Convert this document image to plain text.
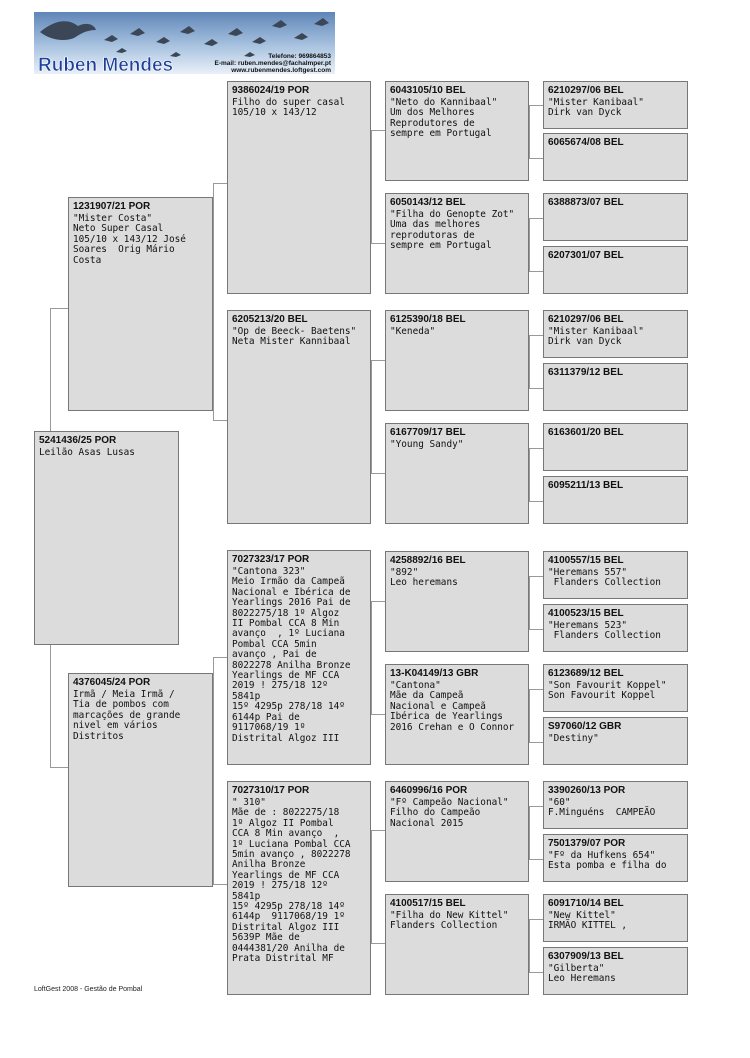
Ruben Mendes	Telefone: 969864853
E-mail: ruben.mendes@fachalmper.pt
www.rubenmendes.loftgest.com
5241436/25 POR
Leilão Asas Lusas
1231907/21 POR
"Mister Costa"
Neto Super Casal
105/10 x 143/12 José
Soares  Orig Mário
Costa
4376045/24 POR
Irmã / Meia Irmã /
Tia de pombos com
marcações de grande
nivel em vários
Distritos
9386024/19 POR
Filho do super casal
105/10 x 143/12
6205213/20 BEL
"Op de Beeck- Baetens"
Neta Mister Kannibaal
7027323/17 POR
"Cantona 323"
Meio Irmão da Campeã
Nacional e Ibérica de
Yearlings 2016 Pai de
8022275/18 1º Algoz
II Pombal CCA 8 Min
avanço  , 1º Luciana
Pombal CCA 5min
avanço , Pai de
8022278 Anilha Bronze
Yearlings de MF CCA
2019 ! 275/18 12º
5841p
15º 4295p 278/18 14º
6144p Pai de
9117068/19 1º
Distrital Algoz III
7027310/17 POR
" 310"
Mãe de : 8022275/18
1º Algoz II Pombal
CCA 8 Min avanço  ,
1º Luciana Pombal CCA
5min avanço , 8022278
Anilha Bronze
Yearlings de MF CCA
2019 ! 275/18 12º
5841p
15º 4295p 278/18 14º
6144p  9117068/19 1º
Distrital Algoz III
5639P Mãe de
0444381/20 Anilha de
Prata Distrital MF
6043105/10 BEL
"Neto do Kannibaal"
Um dos Melhores
Reprodutores de
sempre em Portugal
6050143/12 BEL
"Filha do Genopte Zot"
Uma das melhores
reprodutoras de
sempre em Portugal
6125390/18 BEL
"Keneda"
6167709/17 BEL
"Young Sandy"
4258892/16 BEL
"892"
Leo heremans
13-K04149/13 GBR
"Cantona"
Mãe da Campeã
Nacional e Campeã
Ibérica de Yearlings
2016 Crehan e O Connor
6460996/16 POR
"Fº Campeão Nacional"
Filho do Campeão
Nacional 2015
4100517/15 BEL
"Filha do New Kittel"
Flanders Collection
6210297/06 BEL
"Mister Kanibaal"
Dirk van Dyck
6065674/08 BEL
6388873/07 BEL
6207301/07 BEL
6210297/06 BEL
"Mister Kanibaal"
Dirk van Dyck
6311379/12 BEL
6163601/20 BEL
6095211/13 BEL
4100557/15 BEL
"Heremans 557"
Flanders Collection
4100523/15 BEL
"Heremans 523"
Flanders Collection
6123689/12 BEL
"Son Favourit Koppel"
Son Favourit Koppel
S97060/12 GBR
"Destiny"
3390260/13 POR
"60"
F.Minguéns  CAMPEÃO
7501379/07 POR
"Fº da Hufkens 654"
Esta pomba e filha do
6091710/14 BEL
"New Kittel"
IRMÃO KITTEL ,
6307909/13 BEL
"Gilberta"
Leo Heremans
LoftGest 2008 - Gestão de Pombal
